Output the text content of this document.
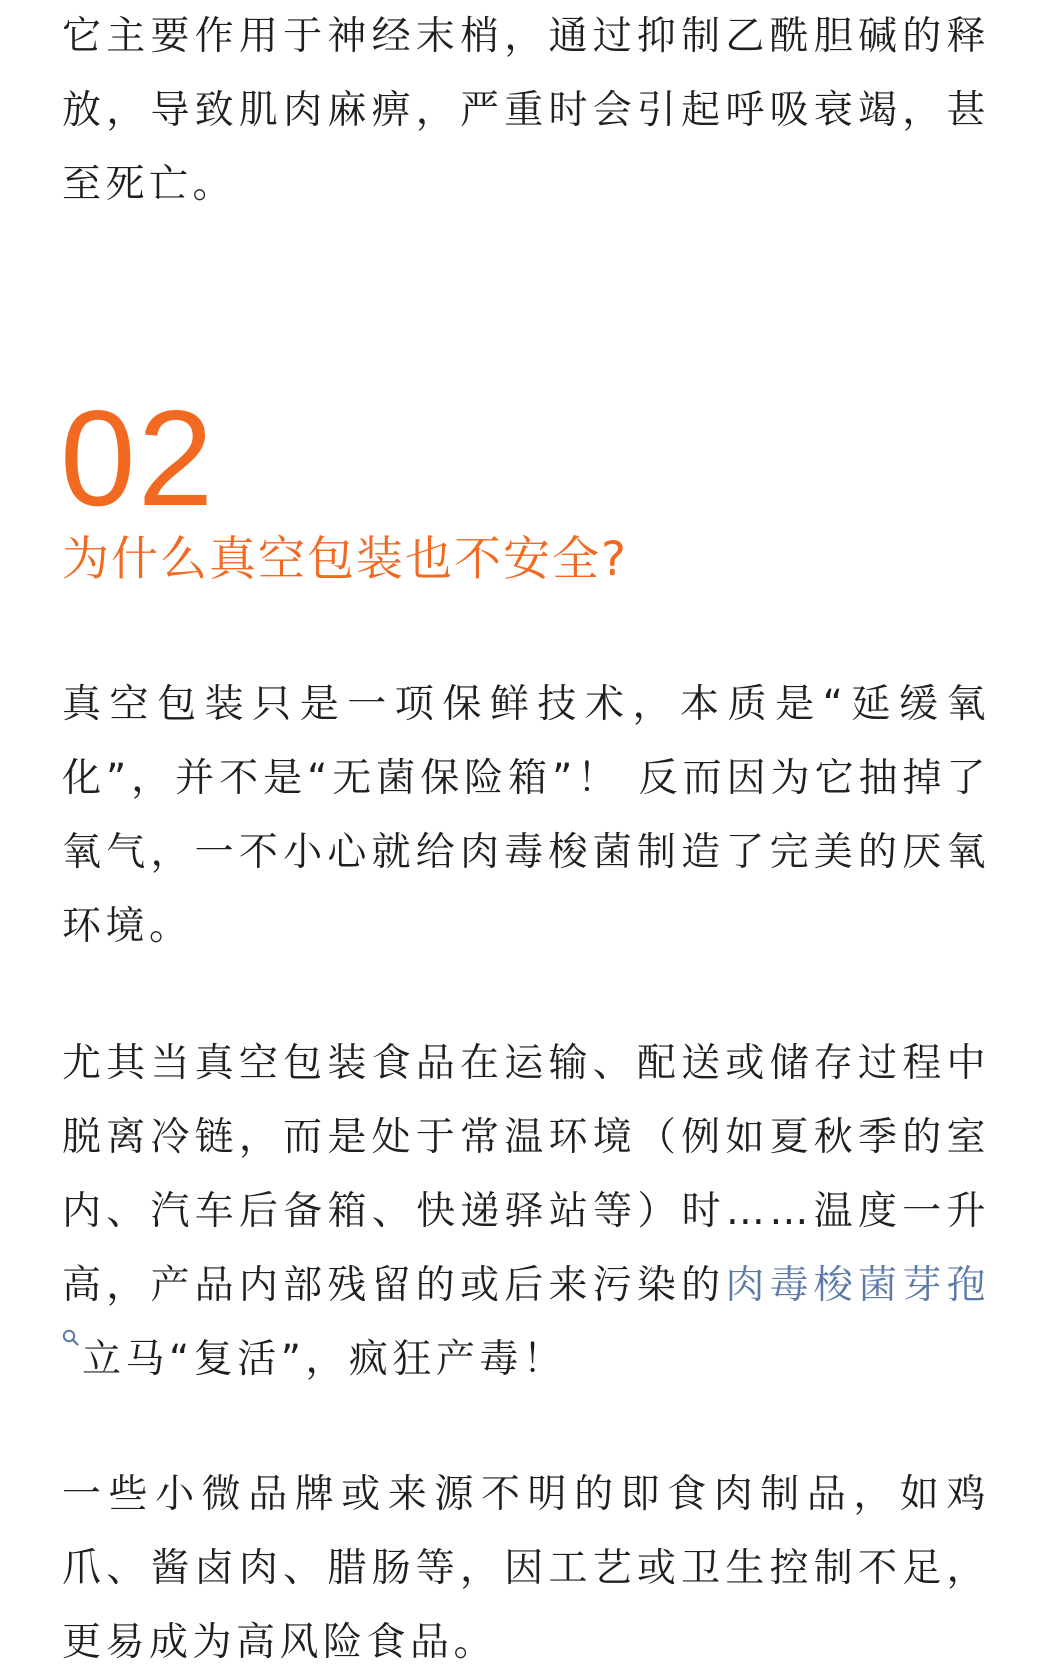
它主要作用于神经末梢，通过抑制乙酰胆碱的释放，导致肌肉麻痹，严重时会引起呼吸衰竭，甚至死亡。

02
为什么真空包装也不安全?

真空包装只是一项保鲜技术，本质是“延缓氧化”，并不是“无菌保险箱”！ 反而因为它抽掉了氧气，一不小心就给肉毒梭菌制造了完美的厌氧环境。

尤其当真空包装食品在运输、配送或储存过程中脱离冷链，而是处于常温环境（例如夏秋季的室内、汽车后备箱、快递驿站等）时……温度一升高，产品内部残留的或后来污染的肉毒梭菌芽孢
立马“复活”，疯狂产毒！

一些小微品牌或来源不明的即食肉制品，如鸡爪、酱卤肉、腊肠等，因工艺或卫生控制不足，更易成为高风险食品。
